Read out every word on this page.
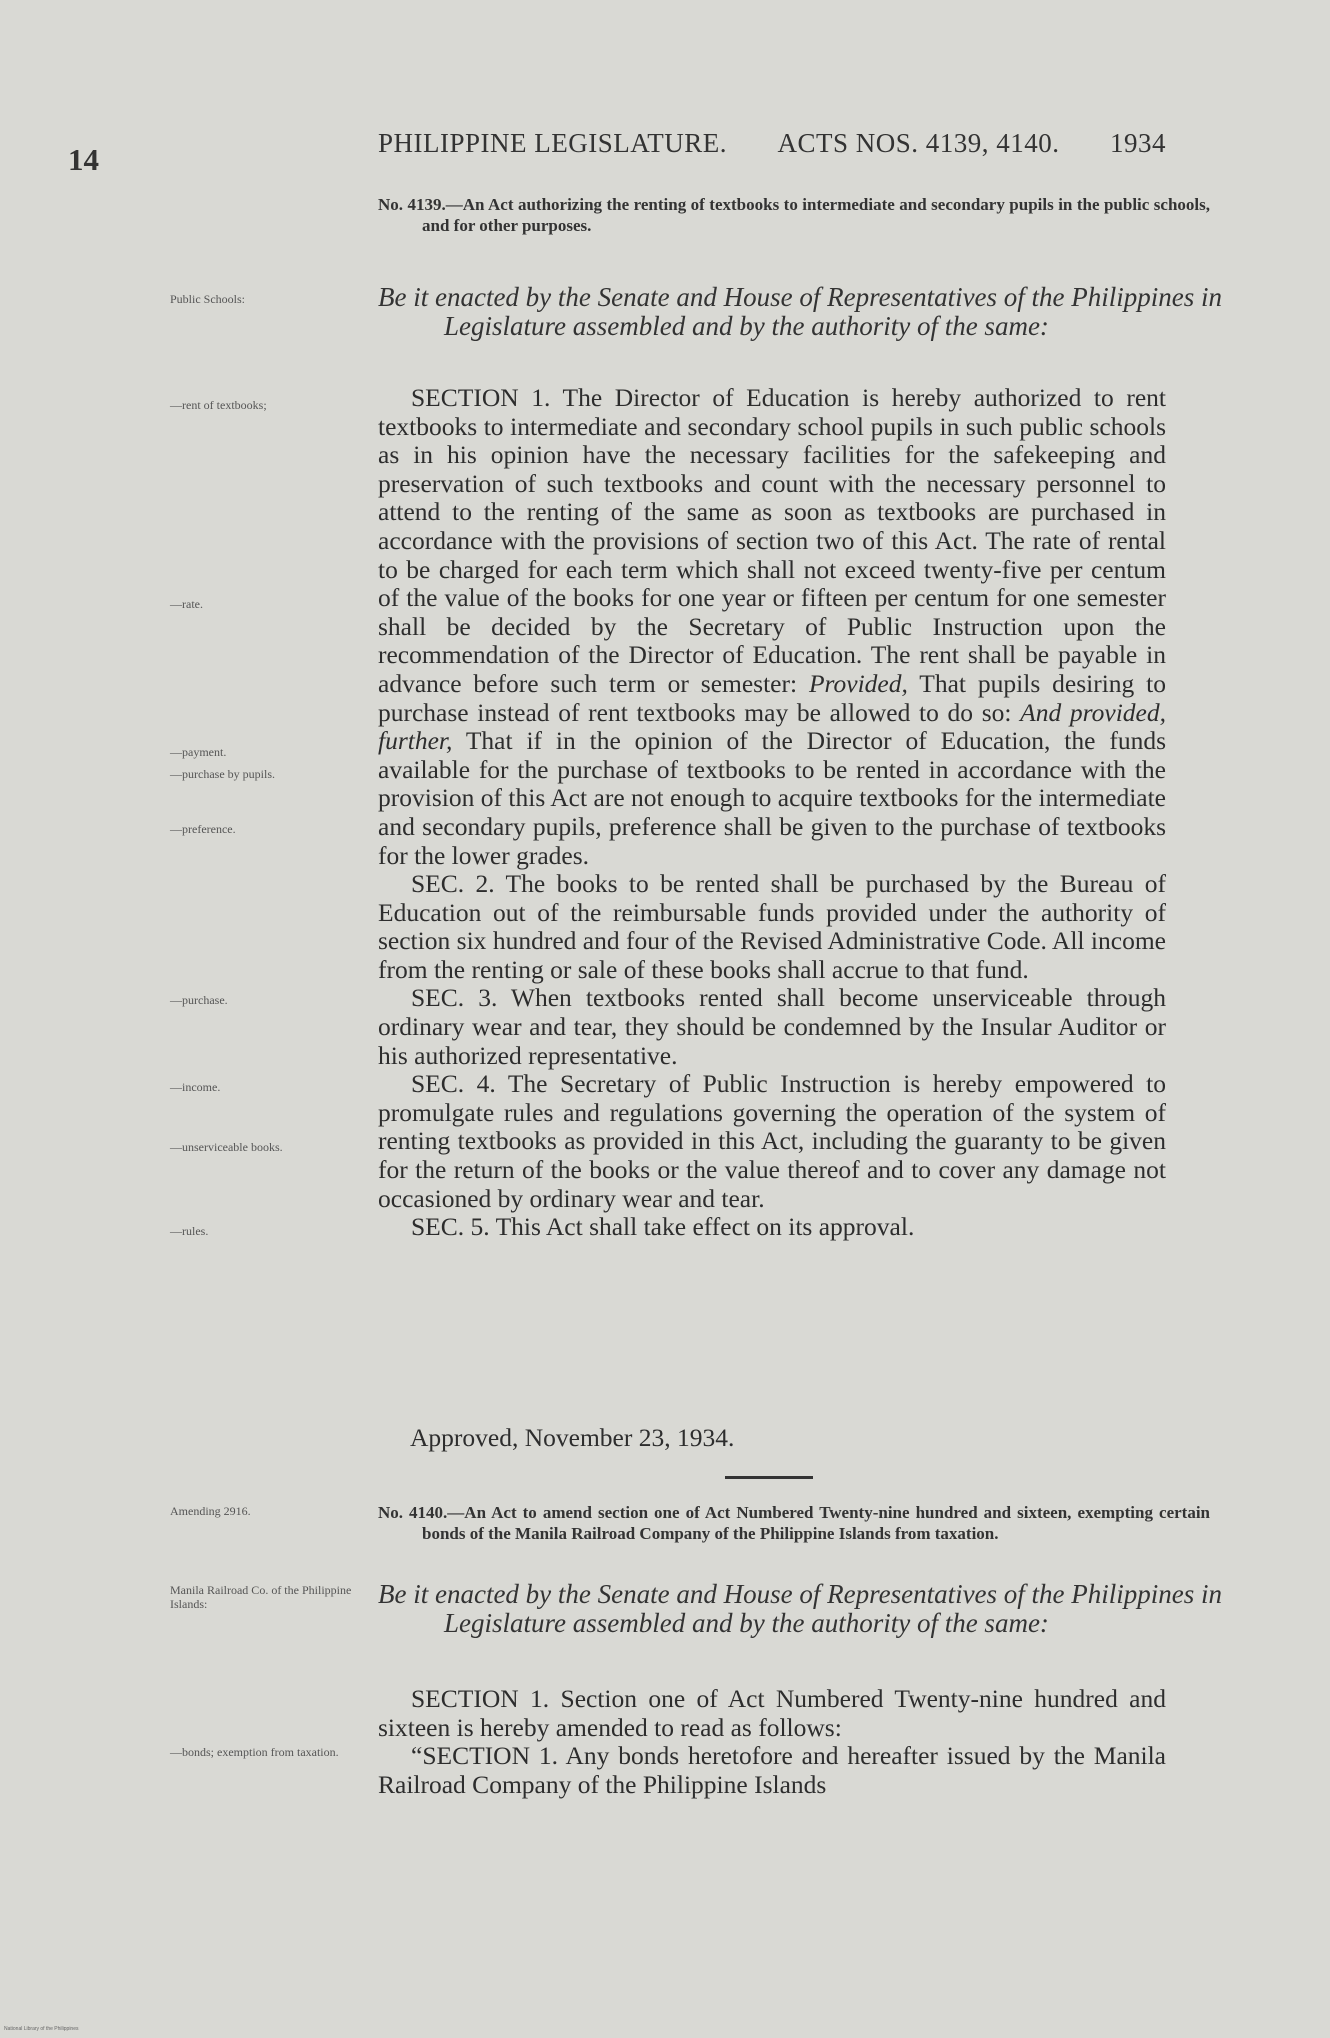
14	PHILIPPINE LEGISLATURE. ACTS NOS. 4139, 4140. 1934
No. 4139.—An Act authorizing the renting of textbooks to intermediate and secondary pupils in the public schools, and for other purposes.
Public Schools:	Be it enacted by the Senate and House of Representatives of the Philippines in Legislature assembled and by the authority of the same:
—rent of textbooks;
—rate.
—payment.
—purchase by pupils.
—preference.
—purchase.
—income.
—unserviceable books.
—rules.

SECTION 1. The Director of Education is hereby authorized to rent textbooks to intermediate and secondary school pupils in such public schools as in his opinion have the necessary facilities for the safekeeping and preservation of such textbooks and count with the necessary personnel to attend to the renting of the same as soon as textbooks are purchased in accordance with the provisions of section two of this Act. The rate of rental to be charged for each term which shall not exceed twenty-five per centum of the value of the books for one year or fifteen per centum for one semester shall be decided by the Secretary of Public Instruction upon the recommendation of the Director of Education. The rent shall be payable in advance before such term or semester: Provided, That pupils desiring to purchase instead of rent textbooks may be allowed to do so: And provided, further, That if in the opinion of the Director of Education, the funds available for the purchase of textbooks to be rented in accordance with the provision of this Act are not enough to acquire textbooks for the intermediate and secondary pupils, preference shall be given to the purchase of textbooks for the lower grades.

SEC. 2. The books to be rented shall be purchased by the Bureau of Education out of the reimbursable funds provided under the authority of section six hundred and four of the Revised Administrative Code. All income from the renting or sale of these books shall accrue to that fund.

SEC. 3. When textbooks rented shall become unserviceable through ordinary wear and tear, they should be condemned by the Insular Auditor or his authorized representative.

SEC. 4. The Secretary of Public Instruction is hereby empowered to promulgate rules and regulations governing the operation of the system of renting textbooks as provided in this Act, including the guaranty to be given for the return of the books or the value thereof and to cover any damage not occasioned by ordinary wear and tear.

SEC. 5. This Act shall take effect on its approval.

Approved, November 23, 1934.
Amending 2916.	No. 4140.—An Act to amend section one of Act Numbered Twenty-nine hundred and sixteen, exempting certain bonds of the Manila Railroad Company of the Philippine Islands from taxation.
Manila Railroad Co. of the Philippine Islands:	Be it enacted by the Senate and House of Representatives of the Philippines in Legislature assembled and by the authority of the same:
—bonds; exemption from taxation.

SECTION 1. Section one of Act Numbered Twenty-nine hundred and sixteen is hereby amended to read as follows:

“SECTION 1. Any bonds heretofore and hereafter issued by the Manila Railroad Company of the Philippine Islands

National Library of the Philippines
